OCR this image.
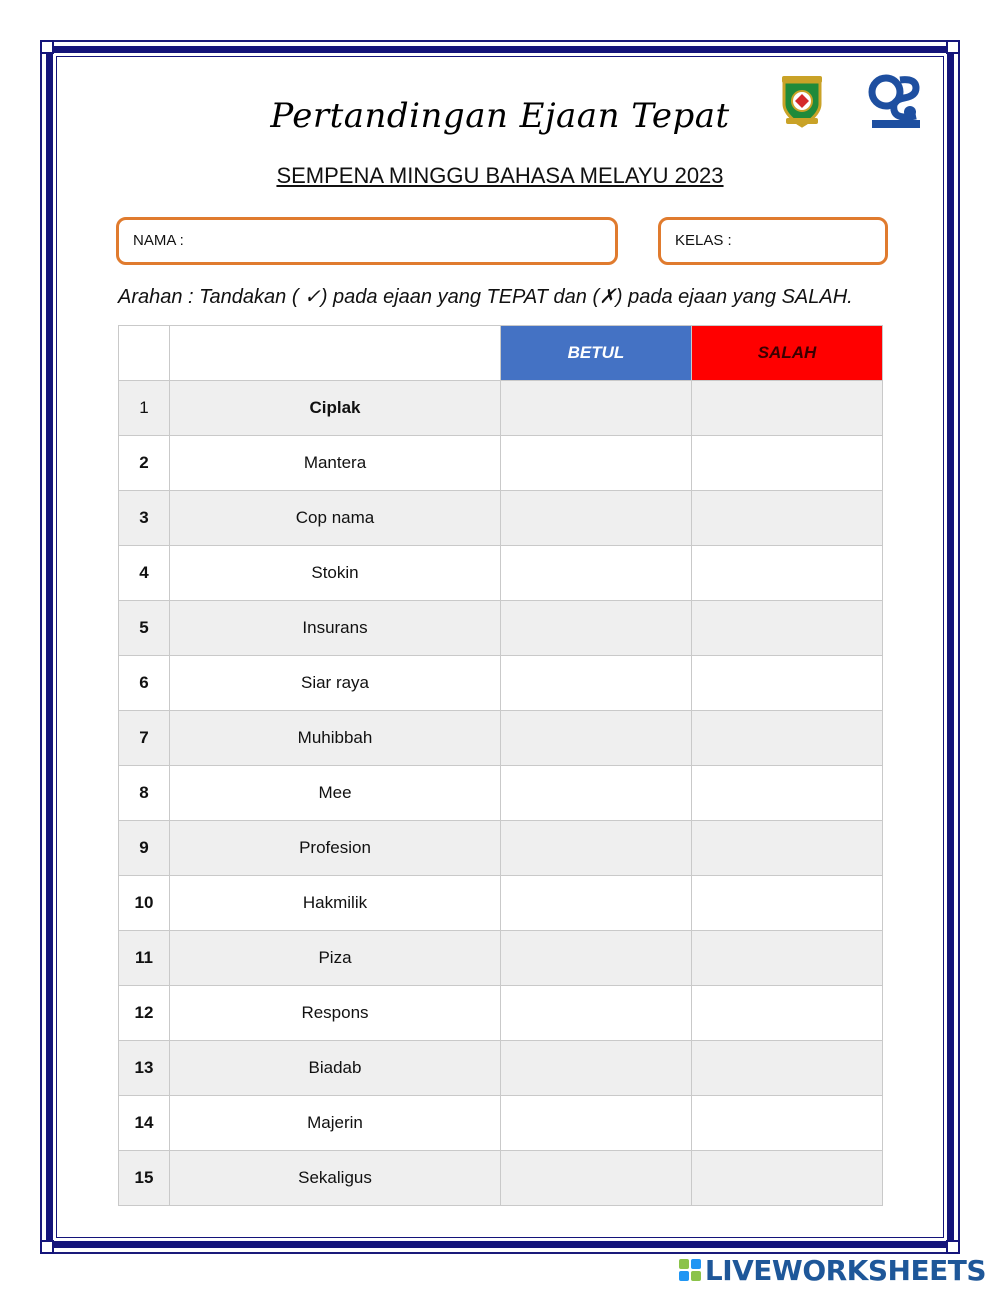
Pertandingan Ejaan Tepat
SEMPENA MINGGU BAHASA MELAYU 2023
NAMA :	KELAS :
Arahan : Tandakan ( ✓) pada ejaan yang TEPAT dan (✗) pada ejaan yang SALAH.
		BETUL	SALAH
1	Ciplak		
2	Mantera		
3	Cop nama		
4	Stokin		
5	Insurans		
6	Siar raya		
7	Muhibbah		
8	Mee		
9	Profesion		
10	Hakmilik		
11	Piza		
12	Respons		
13	Biadab		
14	Majerin		
15	Sekaligus		
LIVEWORKSHEETS
